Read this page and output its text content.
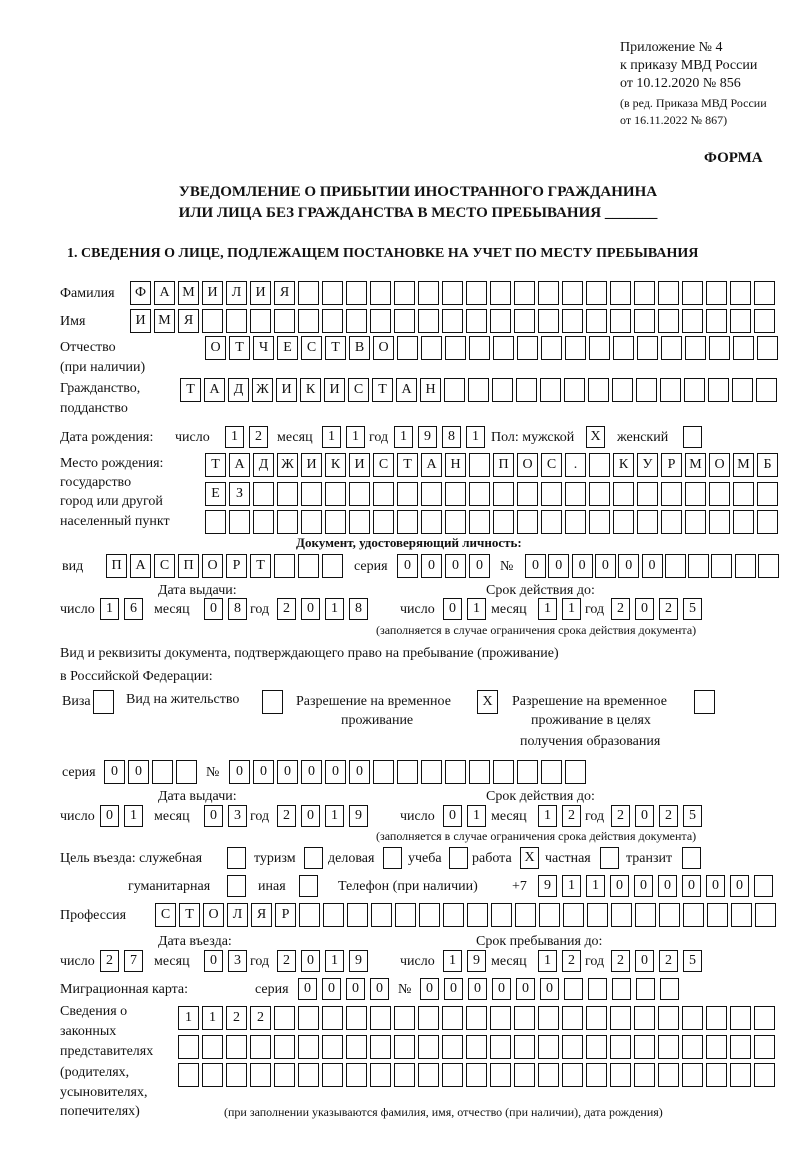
Приложение № 4
к приказу МВД России
от 10.12.2020 № 856
(в ред. Приказа МВД России
от 16.11.2022 № 867)
ФОРМА
УВЕДОМЛЕНИЕ О ПРИБЫТИИ ИНОСТРАННОГО ГРАЖДАНИНА
ИЛИ ЛИЦА БЕЗ ГРАЖДАНСТВА В МЕСТО ПРЕБЫВАНИЯ _______
1. СВЕДЕНИЯ О ЛИЦЕ, ПОДЛЕЖАЩЕМ ПОСТАНОВКЕ НА УЧЕТ ПО МЕСТУ ПРЕБЫВАНИЯ
Фамилия	Ф А М И	Л	И	Я
Имя	И М Я
Отчество
(при наличии)
О	Т	Ч	Е	С	Т	В	О
Гражданство,
подданство
Т	А	Д Ж И	К	И	С	Т	А Н
Дата рождения: число	1	2	месяц	1	1 год 1	9	8	1 Пол: мужской	X	женский
Место рождения:
государство
город или другой
населенный пункт
Т	А	Д Ж И	К	И	С	Т	А Н	П О	С	.	К	У	Р М О М Б
Е	З
Документ, удостоверяющий личность:
вид	П А	С	П О	Р	Т	серия	0	0	0	0	№	0	0	0	0	0	0
Дата выдачи:	Срок действия до:
число 1	6	месяц	0	8 год 2	0	1	8	число	0	1 месяц	1	1 год 2	0	2	5
(заполняется в случае ограничения срока действия документа)
Вид и реквизиты документа, подтверждающего право на пребывание (проживание)
в Российской Федерации:
Виза	Вид на жительство	Разрешение на временное
проживание
X	Разрешение на временное
проживание в целях
получения образования
серия	0	0	№	0	0	0	0	0	0
Дата выдачи:	Срок действия до:
число 0	1	месяц	0	3 год 2	0	1	9	число	0	1 месяц	1	2 год 2	0	2	5
(заполняется в случае ограничения срока действия документа)
Цель въезда: служебная	туризм деловая учеба работа X частная	транзит
гуманитарная	иная	Телефон (при наличии) +7	9	1	1	0	0	0	0	0	0
Профессия	С	Т	О	Л	Я	Р
Дата въезда:	Срок пребывания до:
число 2	7	месяц	0	3 год 2	0	1	9	число	1	9 месяц	1	2 год 2	0	2	5
Миграционная карта:	серия	0	0	0	0	№	0	0	0	0	0	0
Сведения о
законных
представителях
(родителях,
усыновителях,
попечителях)
1	1	2	2
(при заполнении указываются фамилия, имя, отчество (при наличии), дата рождения)
